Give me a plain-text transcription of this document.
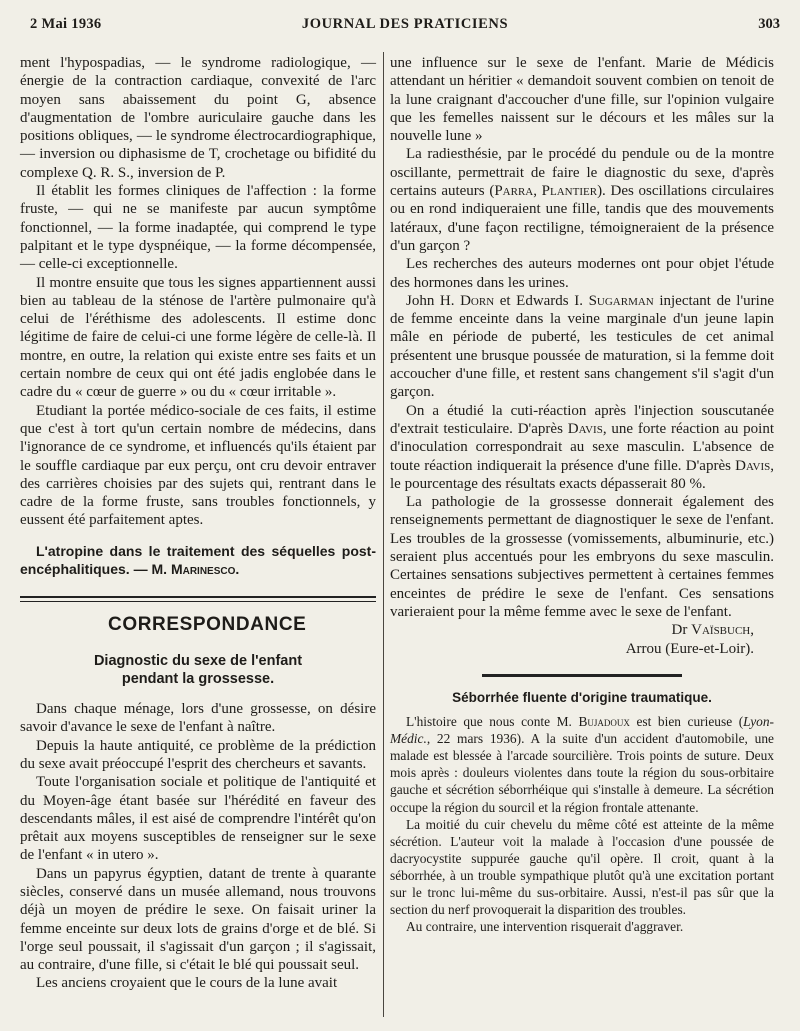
2 Mai 1936	JOURNAL DES PRATICIENS	303

ment l'hypospadias, — le syndrome radiologique, — énergie de la contraction cardiaque, convexité de l'arc moyen sans abaissement du point G, absence d'augmentation de l'ombre auriculaire gauche dans les positions obliques, — le syndrome électrocardiographique, — inversion ou diphasisme de T, crochetage ou bifidité du complexe Q. R. S., inversion de P.

Il établit les formes cliniques de l'affection : la forme fruste, — qui ne se manifeste par aucun symptôme fonctionnel, — la forme inadaptée, qui comprend le type palpitant et le type dyspnéique, — la forme décompensée, — celle-ci exceptionnelle.

Il montre ensuite que tous les signes appartiennent aussi bien au tableau de la sténose de l'artère pulmonaire qu'à celui de l'éréthisme des adolescents. Il estime donc légitime de faire de celui-ci une forme légère de celle-là. Il montre, en outre, la relation qui existe entre ses faits et un certain nombre de ceux qui ont été jadis englobée dans le cadre du « cœur de guerre » ou du « cœur irritable ».

Etudiant la portée médico-sociale de ces faits, il estime que c'est à tort qu'un certain nombre de médecins, dans l'ignorance de ce syndrome, et influencés qu'ils étaient par le souffle cardiaque par eux perçu, ont cru devoir entraver des carrières choisies par des sujets qui, rentrant dans le cadre de la forme fruste, sans troubles fonctionnels, y eussent été parfaitement aptes.

L'atropine dans le traitement des séquelles post-encéphalitiques. — M. Marinesco.

CORRESPONDANCE
Diagnostic du sexe de l'enfant
pendant la grossesse.

Dans chaque ménage, lors d'une grossesse, on désire savoir d'avance le sexe de l'enfant à naître.

Depuis la haute antiquité, ce problème de la prédiction du sexe avait préoccupé l'esprit des chercheurs et savants.

Toute l'organisation sociale et politique de l'antiquité et du Moyen-âge étant basée sur l'hérédité en faveur des descendants mâles, il est aisé de comprendre l'intérêt qu'on prêtait aux moyens susceptibles de renseigner sur le sexe de l'enfant « in utero ».

Dans un papyrus égyptien, datant de trente à quarante siècles, conservé dans un musée allemand, nous trouvons déjà un moyen de prédire le sexe. On faisait uriner la femme enceinte sur deux lots de grains d'orge et de blé. Si l'orge seul poussait, il s'agissait d'un garçon ; il s'agissait, au contraire, d'une fille, si c'était le blé qui poussait seul.

Les anciens croyaient que le cours de la lune avait

une influence sur le sexe de l'enfant. Marie de Médicis attendant un héritier « demandoit souvent combien on tenoit de la lune craignant d'accoucher d'une fille, sur l'opinion vulgaire que les femelles naissent sur le décours et les mâles sur la nouvelle lune »

La radiesthésie, par le procédé du pendule ou de la montre oscillante, permettrait de faire le diagnostic du sexe, d'après certains auteurs (Parra, Plantier). Des oscillations circulaires ou en rond indiqueraient une fille, tandis que des mouvements latéraux, d'une façon rectiligne, témoigneraient de la présence d'un garçon ?

Les recherches des auteurs modernes ont pour objet l'étude des hormones dans les urines.

John H. Dorn et Edwards I. Sugarman injectant de l'urine de femme enceinte dans la veine marginale d'un jeune lapin mâle en période de puberté, les testicules de cet animal présentent une brusque poussée de maturation, si la femme doit accoucher d'une fille, et restent sans changement s'il s'agit d'un garçon.

On a étudié la cuti-réaction après l'injection souscutanée d'extrait testiculaire. D'après Davis, une forte réaction au point d'inoculation correspondrait au sexe masculin. L'absence de toute réaction indiquerait la présence d'une fille. D'après Davis, le pourcentage des résultats exacts dépasserait 80 %.

La pathologie de la grossesse donnerait également des renseignements permettant de diagnostiquer le sexe de l'enfant. Les troubles de la grossesse (vomissements, albuminurie, etc.) seraient plus accentués pour les embryons du sexe masculin. Certaines sensations subjectives permettent à certaines femmes enceintes de prédire le sexe de l'enfant. Ces sensations varieraient pour la même femme avec le sexe de l'enfant.

Dr Vaïsbuch,
Arrou (Eure-et-Loir).
Séborrhée fluente d'origine traumatique.

L'histoire que nous conte M. Bujadoux est bien curieuse (Lyon-Médic., 22 mars 1936). A la suite d'un accident d'automobile, une malade est blessée à l'arcade sourcilière. Trois points de suture. Deux mois après : douleurs violentes dans toute la région du sous-orbitaire gauche et sécrétion séborrhéique qui s'installe à demeure. La sécrétion occupe la région du sourcil et la région frontale attenante.

La moitié du cuir chevelu du même côté est atteinte de la même sécrétion. L'auteur voit la malade à l'occasion d'une poussée de dacryocystite suppurée gauche qu'il opère. Il croit, quant à la séborrhée, à un trouble sympathique plutôt qu'à une excitation portant sur le tronc lui-même du sus-orbitaire. Aussi, n'est-il pas sûr que la section du nerf provoquerait la disparition des troubles.

Au contraire, une intervention risquerait d'aggraver.
